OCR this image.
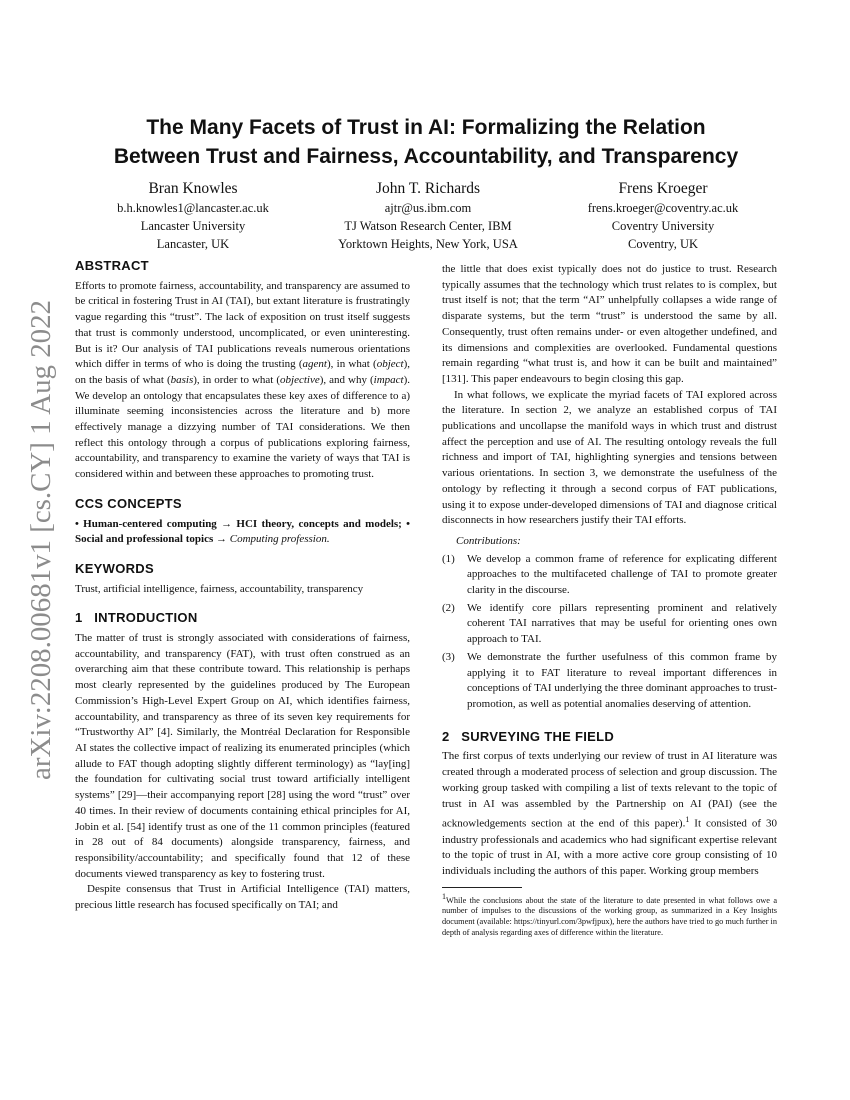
arXiv:2208.00681v1 [cs.CY] 1 Aug 2022
The Many Facets of Trust in AI: Formalizing the Relation
Between Trust and Fairness, Accountability, and Transparency
Bran Knowles
b.h.knowles1@lancaster.ac.uk
Lancaster University
Lancaster, UK
John T. Richards
ajtr@us.ibm.com
TJ Watson Research Center, IBM
Yorktown Heights, New York, USA
Frens Kroeger
frens.kroeger@coventry.ac.uk
Coventry University
Coventry, UK
ABSTRACT

Efforts to promote fairness, accountability, and transparency are assumed to be critical in fostering Trust in AI (TAI), but extant literature is frustratingly vague regarding this “trust”. The lack of exposition on trust itself suggests that trust is commonly understood, uncomplicated, or even uninteresting. But is it? Our analysis of TAI publications reveals numerous orientations which differ in terms of who is doing the trusting (agent), in what (object), on the basis of what (basis), in order to what (objective), and why (impact). We develop an ontology that encapsulates these key axes of difference to a) illuminate seeming inconsistencies across the literature and b) more effectively manage a dizzying number of TAI considerations. We then reflect this ontology through a corpus of publications exploring fairness, accountability, and transparency to examine the variety of ways that TAI is considered within and between these approaches to promoting trust.

CCS CONCEPTS

• Human-centered computing → HCI theory, concepts and models; • Social and professional topics → Computing profession.

KEYWORDS

Trust, artificial intelligence, fairness, accountability, transparency

1   INTRODUCTION

The matter of trust is strongly associated with considerations of fairness, accountability, and transparency (FAT), with trust often construed as an overarching aim that these contribute toward. This relationship is perhaps most clearly represented by the guidelines produced by The European Commission’s High-Level Expert Group on AI, which identifies fairness, accountability, and transparency as three of its seven key requirements for “Trustworthy AI” [4]. Similarly, the Montréal Declaration for Responsible AI states the collective impact of realizing its enumerated principles (which allude to FAT though adopting slightly different terminology) as “lay[ing] the foundation for cultivating social trust toward artificially intelligent systems” [29]—their accompanying report [28] using the word “trust” over 40 times. In their review of documents containing ethical principles for AI, Jobin et al. [54] identify trust as one of the 11 common principles (featured in 28 out of 84 documents) alongside transparency, fairness, and responsibility/accountability; and specifically found that 12 of these documents viewed transparency as key to fostering trust.

Despite consensus that Trust in Artificial Intelligence (TAI) matters, precious little research has focused specifically on TAI; and

the little that does exist typically does not do justice to trust. Research typically assumes that the technology which trust relates to is complex, but trust itself is not; that the term “AI” unhelpfully collapses a wide range of disparate systems, but the term “trust” is understood the same by all. Consequently, trust often remains under- or even altogether undefined, and its dimensions and complexities are overlooked. Fundamental questions remain regarding “what trust is, and how it can be built and maintained” [131]. This paper endeavours to begin closing this gap.

In what follows, we explicate the myriad facets of TAI explored across the literature. In section 2, we analyze an established corpus of TAI publications and uncollapse the manifold ways in which trust and distrust affect the perception and use of AI. The resulting ontology reveals the full richness and import of TAI, highlighting synergies and tensions between various orientations. In section 3, we demonstrate the usefulness of the ontology by reflecting it through a second corpus of FAT publications, using it to expose under-developed dimensions of TAI and diagnose critical disconnects in how researchers justify their TAI efforts.

Contributions:
(1)	We develop a common frame of reference for explicating different approaches to the multifaceted challenge of TAI to promote greater clarity in the discourse.
(2)	We identify core pillars representing prominent and relatively coherent TAI narratives that may be useful for orienting ones own approach to TAI.
(3)	We demonstrate the further usefulness of this common frame by applying it to FAT literature to reveal important differences in conceptions of TAI underlying the three dominant approaches to trust-promotion, as well as potential anomalies deserving of attention.
2   SURVEYING THE FIELD

The first corpus of texts underlying our review of trust in AI literature was created through a moderated process of selection and group discussion. The working group tasked with compiling a list of texts relevant to the topic of trust in AI was assembled by the Partnership on AI (PAI) (see the acknowledgements section at the end of this paper).$^1$ It consisted of 30 industry professionals and academics who had significant expertise relevant to the topic of trust in AI, with a more active core group consisting of 10 individuals including the authors of this paper. Working group members

$^1$While the conclusions about the state of the literature to date presented in what follows owe a number of impulses to the discussions of the working group, as summarized in a Key Insights document (available: https://tinyurl.com/3pwfjpux), here the authors have tried to go much further in depth of analysis regarding axes of difference within the literature.
